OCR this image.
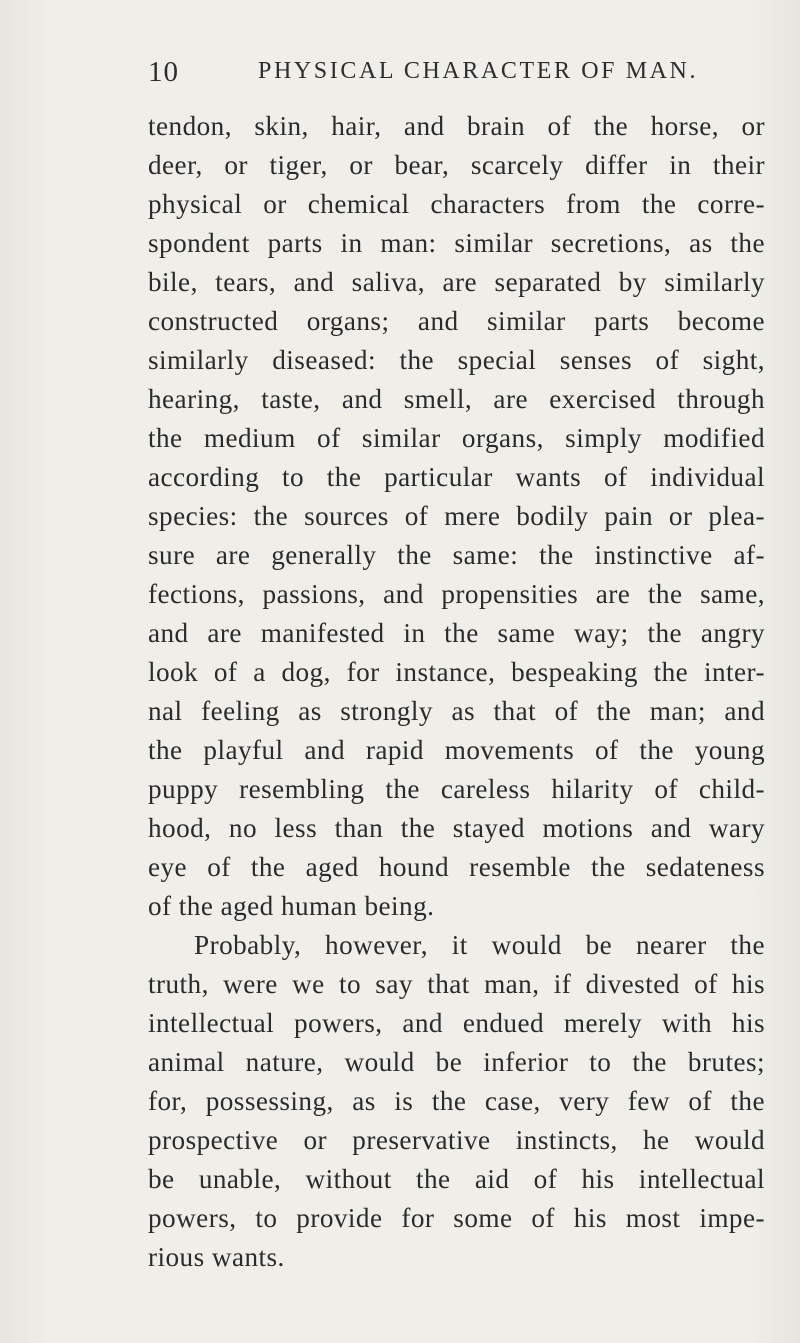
10	PHYSICAL CHARACTER OF MAN.
tendon, skin, hair, and brain of the horse, or
deer, or tiger, or bear, scarcely differ in their
physical or chemical characters from the corre-
spondent parts in man: similar secretions, as the
bile, tears, and saliva, are separated by similarly
constructed organs; and similar parts become
similarly diseased: the special senses of sight,
hearing, taste, and smell, are exercised through
the medium of similar organs, simply modified
according to the particular wants of individual
species: the sources of mere bodily pain or plea-
sure are generally the same: the instinctive af-
fections, passions, and propensities are the same,
and are manifested in the same way; the angry
look of a dog, for instance, bespeaking the inter-
nal feeling as strongly as that of the man; and
the playful and rapid movements of the young
puppy resembling the careless hilarity of child-
hood, no less than the stayed motions and wary
eye of the aged hound resemble the sedateness
of the aged human being.
Probably, however, it would be nearer the
truth, were we to say that man, if divested of his
intellectual powers, and endued merely with his
animal nature, would be inferior to the brutes;
for, possessing, as is the case, very few of the
prospective or preservative instincts, he would
be unable, without the aid of his intellectual
powers, to provide for some of his most impe-
rious wants.
